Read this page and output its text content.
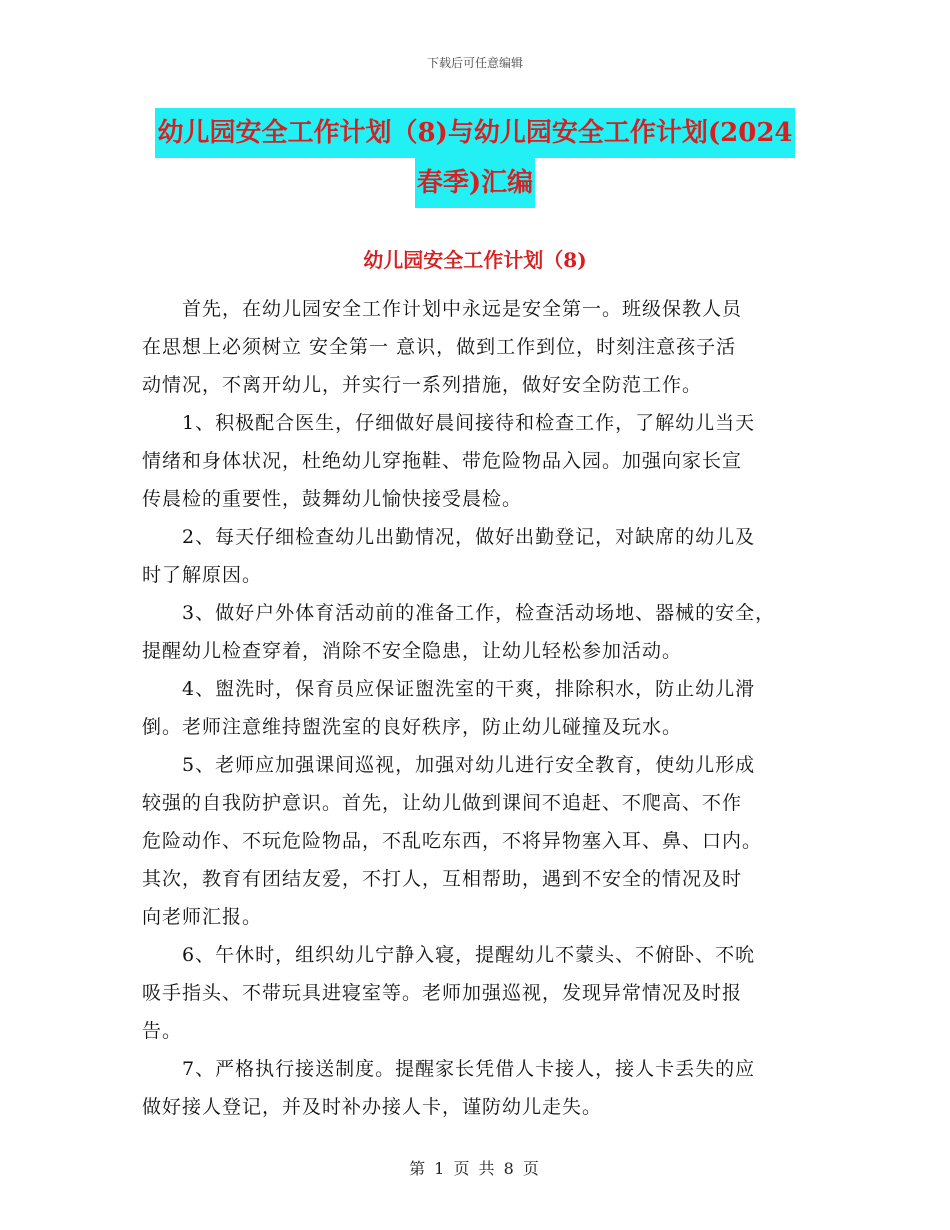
下载后可任意编辑
幼儿园安全工作计划（8)与幼儿园安全工作计划(2024
春季)汇编
幼儿园安全工作计划（8)
首先，在幼儿园安全工作计划中永远是安全第一。班级保教人员
在思想上必须树立 安全第一 意识，做到工作到位，时刻注意孩子活
动情况，不离开幼儿，并实行一系列措施，做好安全防范工作。
1、积极配合医生，仔细做好晨间接待和检查工作，了解幼儿当天
情绪和身体状况，杜绝幼儿穿拖鞋、带危险物品入园。加强向家长宣
传晨检的重要性，鼓舞幼儿愉快接受晨检。
2、每天仔细检查幼儿出勤情况，做好出勤登记，对缺席的幼儿及
时了解原因。
3、做好户外体育活动前的准备工作，检查活动场地、器械的安全，
提醒幼儿检查穿着，消除不安全隐患，让幼儿轻松参加活动。
4、盥洗时，保育员应保证盥洗室的干爽，排除积水，防止幼儿滑
倒。老师注意维持盥洗室的良好秩序，防止幼儿碰撞及玩水。
5、老师应加强课间巡视，加强对幼儿进行安全教育，使幼儿形成
较强的自我防护意识。首先，让幼儿做到课间不追赶、不爬高、不作
危险动作、不玩危险物品，不乱吃东西，不将异物塞入耳、鼻、口内。
其次，教育有团结友爱，不打人，互相帮助，遇到不安全的情况及时
向老师汇报。
6、午休时，组织幼儿宁静入寝，提醒幼儿不蒙头、不俯卧、不吮
吸手指头、不带玩具进寝室等。老师加强巡视，发现异常情况及时报
告。
7、严格执行接送制度。提醒家长凭借人卡接人，接人卡丢失的应
做好接人登记，并及时补办接人卡，谨防幼儿走失。
第 1 页 共 8 页
